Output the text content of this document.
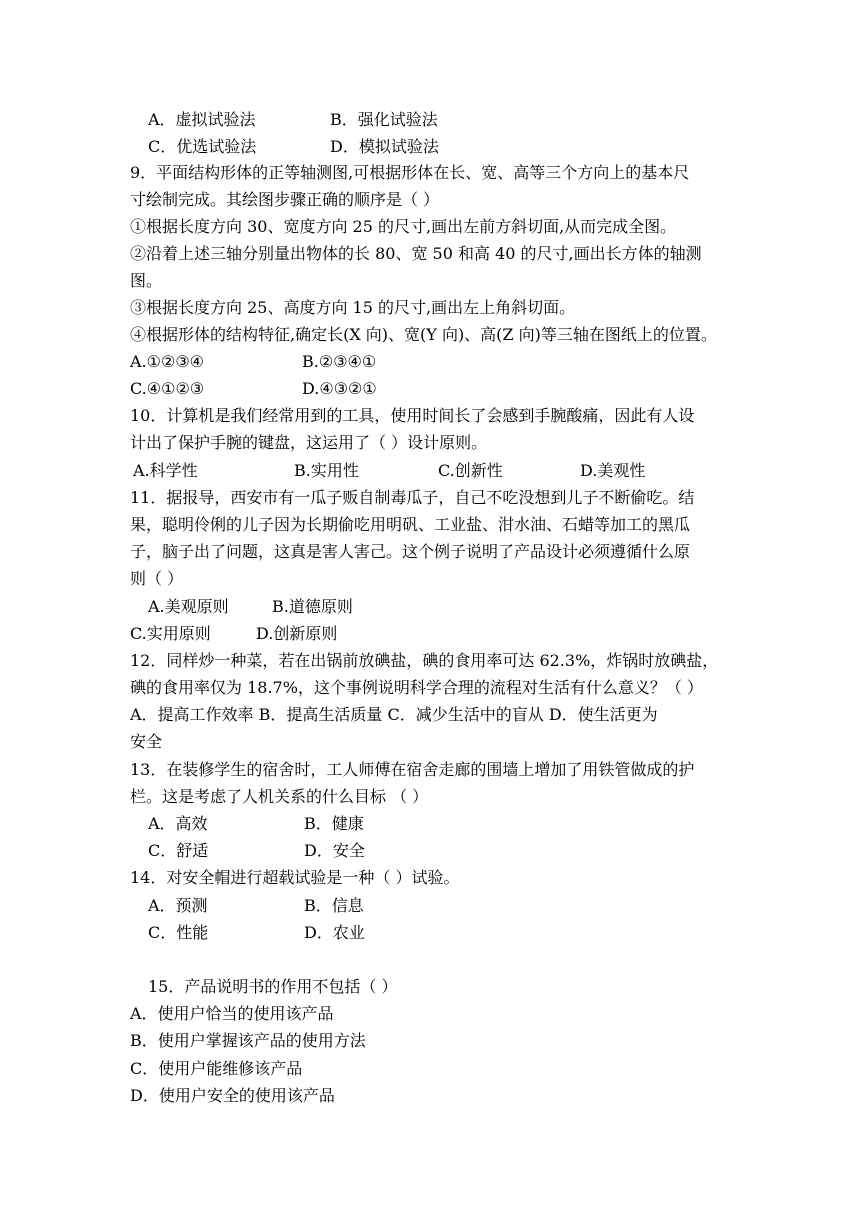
A．虚拟试验法	B．强化试验法
C．优选试验法	D．模拟试验法
9．平面结构形体的正等轴测图,可根据形体在长、宽、高等三个方向上的基本尺
寸绘制完成。其绘图步骤正确的顺序是（ ）
①根据长度方向 30、宽度方向 25 的尺寸,画出左前方斜切面,从而完成全图。
②沿着上述三轴分别量出物体的长 80、宽 50 和高 40 的尺寸,画出长方体的轴测
图。
③根据长度方向 25、高度方向 15 的尺寸,画出左上角斜切面。
④根据形体的结构特征,确定长(X 向)、宽(Y 向)、高(Z 向)等三轴在图纸上的位置。
A.①②③④	B.②③④①
C.④①②③	D.④③②①
10．计算机是我们经常用到的工具，使用时间长了会感到手腕酸痛，因此有人设
计出了保护手腕的键盘，这运用了（ ）设计原则。
A.科学性	B.实用性	C.创新性	D.美观性
11．据报导，西安市有一瓜子贩自制毒瓜子，自己不吃没想到儿子不断偷吃。结
果，聪明伶俐的儿子因为长期偷吃用明矾、工业盐、泔水油、石蜡等加工的黑瓜
子，脑子出了问题，这真是害人害己。这个例子说明了产品设计必须遵循什么原
则（ ）
A.美观原则	B.道德原则
C.实用原则	D.创新原则
12．同样炒一种菜，若在出锅前放碘盐，碘的食用率可达 62.3%，炸锅时放碘盐，
碘的食用率仅为 18.7%，这个事例说明科学合理的流程对生活有什么意义？（ ）
A．提高工作效率 B．提高生活质量 C．减少生活中的盲从 D．使生活更为
安全
13．在装修学生的宿舍时，工人师傅在宿舍走廊的围墙上增加了用铁管做成的护
栏。这是考虑了人机关系的什么目标 （ ）
A．高效	B．健康
C．舒适	D．安全
14．对安全帽进行超载试验是一种（ ）试验。
A．预测	B．信息
C．性能	D．农业
15．产品说明书的作用不包括（ ）
A．使用户恰当的使用该产品
B．使用户掌握该产品的使用方法
C．使用户能维修该产品
D．使用户安全的使用该产品
